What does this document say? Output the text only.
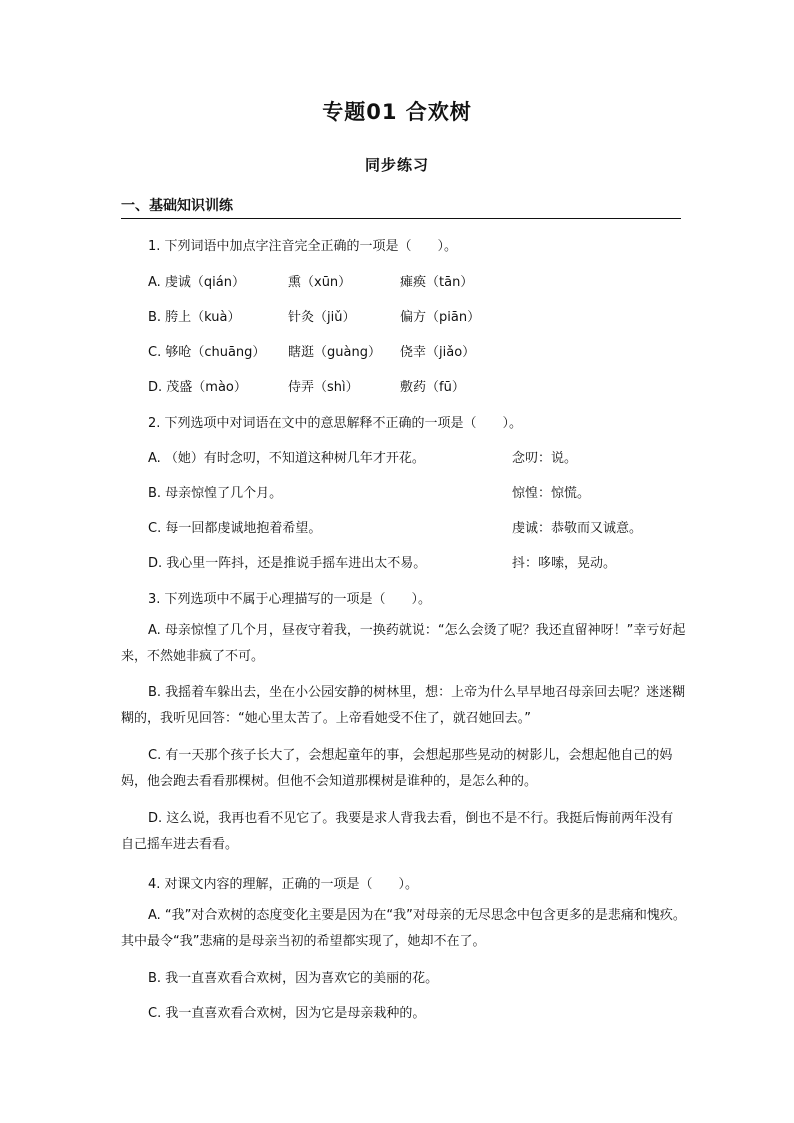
专题01 合欢树
同步练习
一、基础知识训练
1. 下列词语中加点字注音完全正确的一项是（　　）。
A. 虔诚（qián）	熏（xūn）	瘫痪（tān）
B. 胯上（kuà）	针灸（jiǔ）	偏方（piān）
C. 够呛（chuāng） 瞎逛（guàng） 侥幸（jiǎo）
D. 茂盛（mào）	侍弄（shì）	敷药（fū）
2. 下列选项中对词语在文中的意思解释不正确的一项是（　　）。
A. （她）有时念叨，不知道这种树几年才开花。	念叨：说。
B. 母亲惊惶了几个月。	惊惶：惊慌。
C. 每一回都虔诚地抱着希望。	虔诚：恭敬而又诚意。
D. 我心里一阵抖，还是推说手摇车进出太不易。	抖：哆嗦，晃动。
3. 下列选项中不属于心理描写的一项是（　　）。
A. 母亲惊惶了几个月，昼夜守着我，一换药就说：“怎么会烫了呢？我还直留神呀！”幸亏好起来，不然她非疯了不可。
B. 我摇着车躲出去，坐在小公园安静的树林里，想：上帝为什么早早地召母亲回去呢？迷迷糊糊的，我听见回答：“她心里太苦了。上帝看她受不住了，就召她回去。”
C. 有一天那个孩子长大了，会想起童年的事，会想起那些晃动的树影儿，会想起他自己的妈妈，他会跑去看看那棵树。但他不会知道那棵树是谁种的，是怎么种的。
D. 这么说，我再也看不见它了。我要是求人背我去看，倒也不是不行。我挺后悔前两年没有自己摇车进去看看。
4. 对课文内容的理解，正确的一项是（　　）。
A. “我”对合欢树的态度变化主要是因为在“我”对母亲的无尽思念中包含更多的是悲痛和愧疚。其中最令“我”悲痛的是母亲当初的希望都实现了，她却不在了。
B. 我一直喜欢看合欢树，因为喜欢它的美丽的花。
C. 我一直喜欢看合欢树，因为它是母亲栽种的。
